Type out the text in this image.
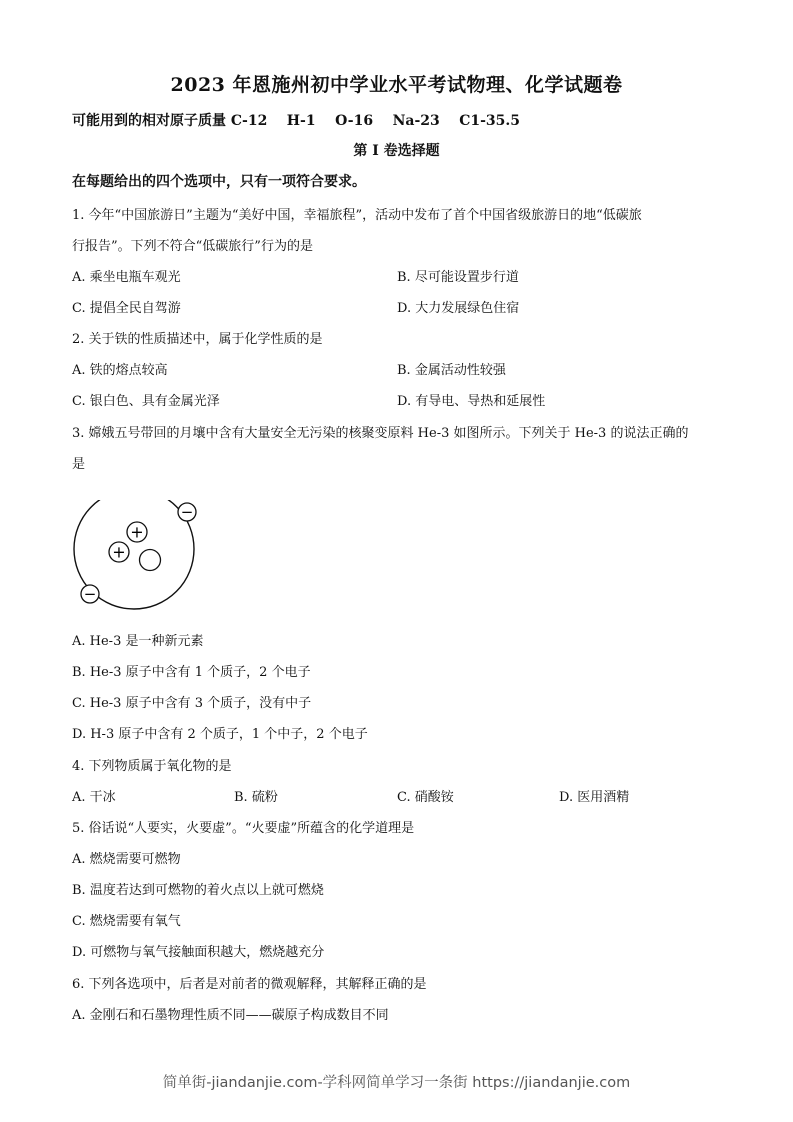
2023 年恩施州初中学业水平考试物理、化学试题卷
可能用到的相对原子质量 C-12    H-1    O-16    Na-23    C1-35.5
第 I 卷选择题
在每题给出的四个选项中，只有一项符合要求。
1. 今年“中国旅游日”主题为“美好中国，幸福旅程”，活动中发布了首个中国省级旅游日的地“低碳旅
行报告”。下列不符合“低碳旅行”行为的是
A. 乘坐电瓶车观光	B. 尽可能设置步行道
C. 提倡全民自驾游	D. 大力发展绿色住宿
2. 关于铁的性质描述中，属于化学性质的是
A. 铁的熔点较高	B. 金属活动性较强
C. 银白色、具有金属光泽	D. 有导电、导热和延展性
3. 嫦娥五号带回的月壤中含有大量安全无污染的核聚变原料 He-3 如图所示。下列关于 He-3 的说法正确的
是
+
+
−
−
A. He-3 是一种新元素
B. He-3 原子中含有 1 个质子，2 个电子
C. He-3 原子中含有 3 个质子，没有中子
D. H-3 原子中含有 2 个质子，1 个中子，2 个电子
4. 下列物质属于氧化物的是
A. 干冰	B. 硫粉	C. 硝酸铵	D. 医用酒精
5. 俗话说“人要实，火要虚”。“火要虚”所蕴含的化学道理是
A. 燃烧需要可燃物
B. 温度若达到可燃物的着火点以上就可燃烧
C. 燃烧需要有氧气
D. 可燃物与氧气接触面积越大，燃烧越充分
6. 下列各选项中，后者是对前者的微观解释，其解释正确的是
A. 金刚石和石墨物理性质不同——碳原子构成数目不同
简单街-jiandanjie.com-学科网简单学习一条街 https://jiandanjie.com
